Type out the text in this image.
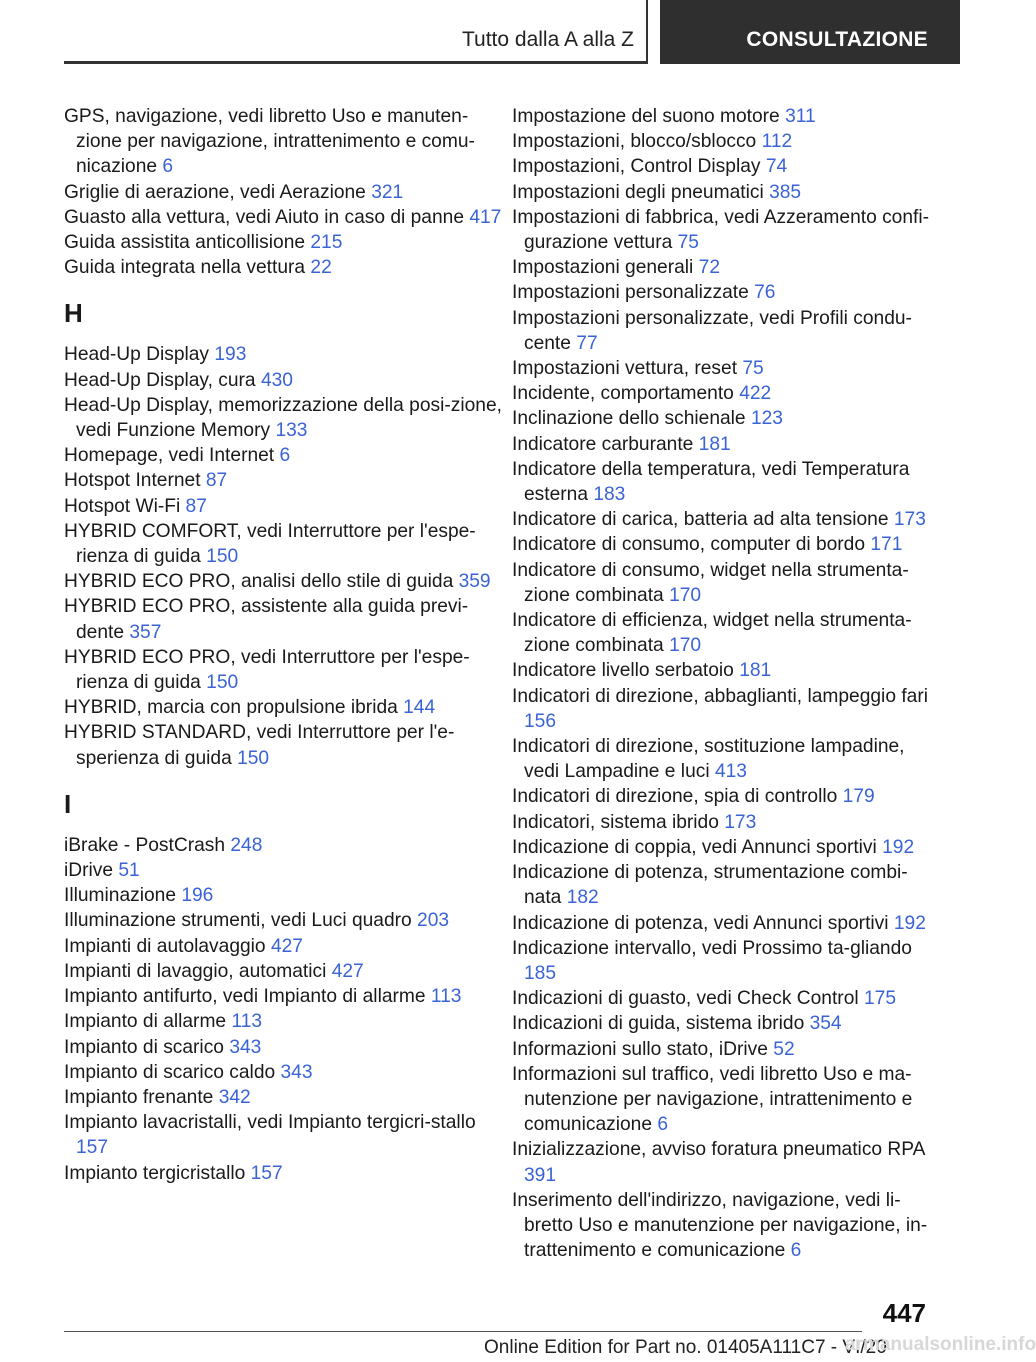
Tutto dalla A alla Z	CONSULTAZIONE

GPS, navigazione, vedi libretto Uso e manuten-zione per navigazione, intrattenimento e comu-nicazione 6

Griglie di aerazione, vedi Aerazione 321

Guasto alla vettura, vedi Aiuto in caso di panne 417

Guida assistita anticollisione 215

Guida integrata nella vettura 22

H

Head-Up Display 193

Head-Up Display, cura 430

Head-Up Display, memorizzazione della posi-zione, vedi Funzione Memory 133

Homepage, vedi Internet 6

Hotspot Internet 87

Hotspot Wi-Fi 87

HYBRID COMFORT, vedi Interruttore per l'espe-rienza di guida 150

HYBRID ECO PRO, analisi dello stile di guida 359

HYBRID ECO PRO, assistente alla guida previ-dente 357

HYBRID ECO PRO, vedi Interruttore per l'espe-rienza di guida 150

HYBRID, marcia con propulsione ibrida 144

HYBRID STANDARD, vedi Interruttore per l'e-sperienza di guida 150

I

iBrake - PostCrash 248

iDrive 51

Illuminazione 196

Illuminazione strumenti, vedi Luci quadro 203

Impianti di autolavaggio 427

Impianti di lavaggio, automatici 427

Impianto antifurto, vedi Impianto di allarme 113

Impianto di allarme 113

Impianto di scarico 343

Impianto di scarico caldo 343

Impianto frenante 342

Impianto lavacristalli, vedi Impianto tergicri-stallo 157

Impianto tergicristallo 157

Impostazione del suono motore 311

Impostazioni, blocco/sblocco 112

Impostazioni, Control Display 74

Impostazioni degli pneumatici 385

Impostazioni di fabbrica, vedi Azzeramento confi-gurazione vettura 75

Impostazioni generali 72

Impostazioni personalizzate 76

Impostazioni personalizzate, vedi Profili condu-cente 77

Impostazioni vettura, reset 75

Incidente, comportamento 422

Inclinazione dello schienale 123

Indicatore carburante 181

Indicatore della temperatura, vedi Temperatura esterna 183

Indicatore di carica, batteria ad alta tensione 173

Indicatore di consumo, computer di bordo 171

Indicatore di consumo, widget nella strumenta-zione combinata 170

Indicatore di efficienza, widget nella strumenta-zione combinata 170

Indicatore livello serbatoio 181

Indicatori di direzione, abbaglianti, lampeggio fari 156

Indicatori di direzione, sostituzione lampadine, vedi Lampadine e luci 413

Indicatori di direzione, spia di controllo 179

Indicatori, sistema ibrido 173

Indicazione di coppia, vedi Annunci sportivi 192

Indicazione di potenza, strumentazione combi-nata 182

Indicazione di potenza, vedi Annunci sportivi 192

Indicazione intervallo, vedi Prossimo ta-gliando 185

Indicazioni di guasto, vedi Check Control 175

Indicazioni di guida, sistema ibrido 354

Informazioni sullo stato, iDrive 52

Informazioni sul traffico, vedi libretto Uso e ma-nutenzione per navigazione, intrattenimento e comunicazione 6

Inizializzazione, avviso foratura pneumatico RPA 391

Inserimento dell'indirizzo, navigazione, vedi li-bretto Uso e manutenzione per navigazione, in-trattenimento e comunicazione 6

447
Online Edition for Part no. 01405A111C7 - VI/20
armanualsonline.info
